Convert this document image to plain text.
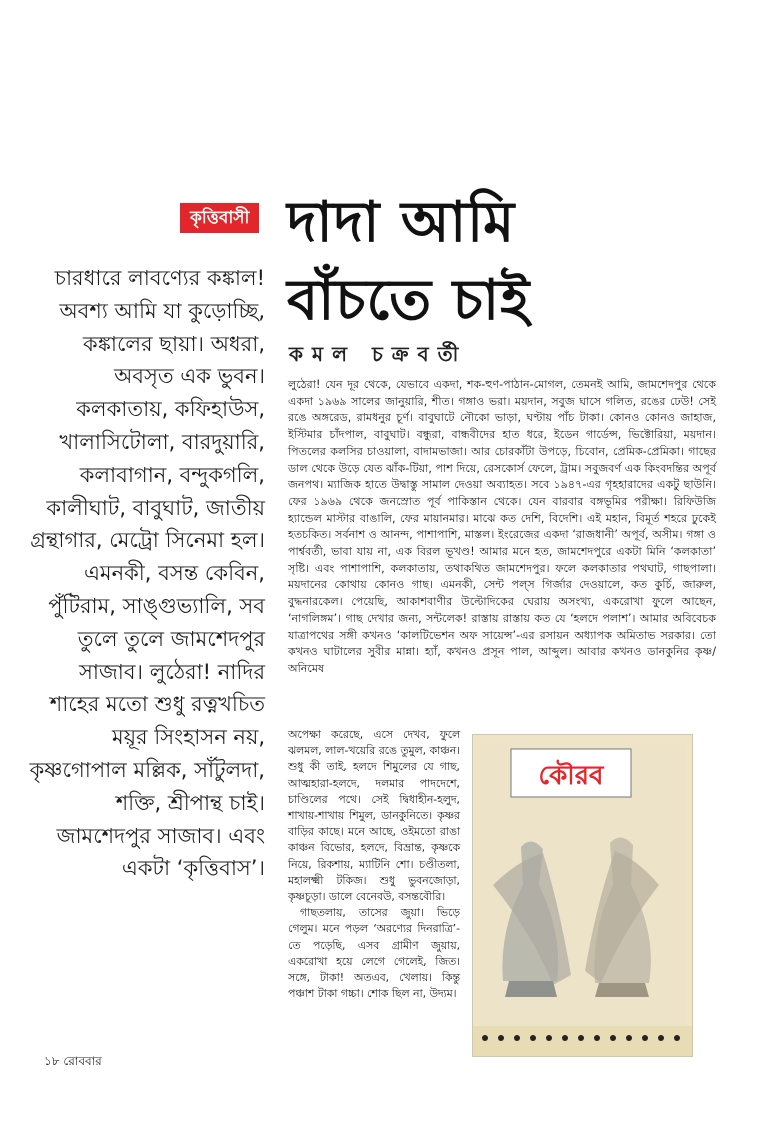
কৃত্তিবাসী দাদা আমি
বাঁচতে চাই
কমল চক্রবর্তী

চারধারে লাবণ্যের কঙ্কাল! অবশ্য আমি যা কুড়োচ্ছি, কঙ্কালের ছায়া। অধরা, অবসৃত এক ভুবন। কলকাতায়, কফিহাউস, খালাসিটোলা, বারদুয়ারি, কলাবাগান, বন্দুকগলি, কালীঘাট, বাবুঘাট, জাতীয় গ্রন্থাগার, মেট্রো সিনেমা হল। এমনকী, বসন্ত কেবিন, পুঁটিরাম, সাঙ্গুভ্যালি, সব তুলে তুলে জামশেদপুর সাজাব। লুঠেরা! নাদির শাহের মতো শুধু রত্নখচিত ময়ূর সিংহাসন নয়, কৃষ্ণগোপাল মল্লিক, সাঁটুলদা, শক্তি, শ্রীপান্থ চাই। জামশেদপুর সাজাব। এবং একটা ‘কৃত্তিবাস’।

লুঠেরা! যেন দূর থেকে, যেভাবে একদা, শক-হুণ-পাঠান-মোগল, তেমনই আমি, জামশেদপুর থেকে একদা ১৯৬৯ সালের জানুয়ারি, শীত। গঙ্গাও ভরা। ময়দান, সবুজ ঘাসে গলিত, রঙের ঢেউ! সেই রঙে অঙ্গরেড, রামধনুর চূর্ণ। বাবুঘাটে নৌকো ভাড়া, ঘণ্টায় পাঁচ টাকা। কোনও কোনও জাহাজ, ইস্টিমার চাঁদপাল, বাবুঘাট। বন্ধুরা, বান্ধবীদের হাত ধরে, ইডেন গার্ডেন্স, ভিক্টোরিয়া, ময়দান। পিতলের কলসির চাওয়ালা, বাদামভাজা। আর চোরকাঁটা উপড়ে, চিবোন, প্রেমিক-প্রেমিকা। গাছের ডাল থেকে উড়ে যেত ঝাঁক-টিয়া, পাশ দিয়ে, রেসকোর্স ফেলে, ট্রাম। সবুজবর্ণ এক কিংবদন্তির অপূর্ব জনপথ। ম্যাজিক হাতে উদ্বাস্তু সামাল দেওয়া অব্যাহত। সবে ১৯৪৭-এর গৃহহারাদের একটু ছাউনি। ফের ১৯৬৯ থেকে জনস্রোত পূর্ব পাকিস্তান থেকে। যেন বারবার বঙ্গভূমির পরীক্ষা। রিফিউজি হ্যান্ডেল মাস্টার বাঙালি, ফের মায়ানমার। মাঝে কত দেশি, বিদেশি। এই মহান, বিমূর্ত শহরে ঢুকেই হতচকিত। সর্বনাশ ও আনন্দ, পাশাপাশি, মাস্তল। ইংরেজের একদা ‘রাজধানী’ অপূর্ব, অসীম। গঙ্গা ও পার্শ্ববর্তী, ভাবা যায় না, এক বিরল ভূখণ্ড! আমার মনে হত, জামশেদপুরে একটা মিনি ‘কলকাতা’ সৃষ্টি। এবং পাশাপাশি, কলকাতায়, তথাকথিত জামশেদপুর। ফলে কলকাতার পথঘাট, গাছপালা। ময়দানের কোথায় কোনও গাছ। এমনকী, সেন্ট পল্‌স গির্জার দেওয়ালে, কত কুর্চি, জারুল, বুদ্ধনারকেল। পেয়েছি, আকাশবাণীর উল্টোদিকের ঘেরায় অসংখ্য, একরোখা ফুলে আছেন, ‘নাগলিঙ্গম’। গাছ দেখার জন্য, সন্টলেক! রাস্তায় রাস্তায় কত যে ‘হলদে পলাশ’। আমার অবিবেচক যাত্রাপথের সঙ্গী কখনও ‘কালটিভেশন অফ সায়েন্স’-এর রসায়ন অধ্যাপক অমিতাভ সরকার। তো কখনও ঘাটালের সুবীর মান্না। হ্যাঁ, কখনও প্রসূন পাল, আব্দুল। আবার কখনও ডানকুনির কৃষ্ণ/ অনিমেষ

অপেক্ষা করেছে, এসে দেখব, ফুলে ঝলমল, লাল-খয়েরি রঙে তুমুল, কাঞ্চন। শুধু কী তাই, হলদে শিমুলের যে গাছ, আত্মহারা-হলদে, দলমার পাদদেশে, চাণ্ডিলের পথে। সেই দ্বিধাহীন-হলুদ, শাখায়-শাখায় শিমুল, ডানকুনিতে। কৃষ্ণর বাড়ির কাছে। মনে আছে, ওইমতো রাঙা কাঞ্চন বিভোর, হলদে, বিভ্রান্ত, কৃষ্ণকে নিয়ে, রিকশায়, ম্যাটিনি শো। চণ্ডীতলা, মহালক্ষ্মী টকিজ। শুধু ভুবনজোড়া, কৃষ্ণচূড়া। ডালে বেনেবউ, বসন্তবৌরি।

গাছতলায়, তাসের জুয়া। ভিড়ে গেলুম। মনে পড়ল ‘অরণ্যের দিনরাত্রি’-তে পড়েছি, এসব গ্রামীণ জুয়ায়, একরোখা হয়ে লেগে গেলেই, জিত। সঙ্গে, টাকা! অতএব, খেলায়। কিন্তু পঞ্চাশ টাকা গচ্চা। শোক ছিল না, উদ্যম।

কৌরব
১৮ রোববার
